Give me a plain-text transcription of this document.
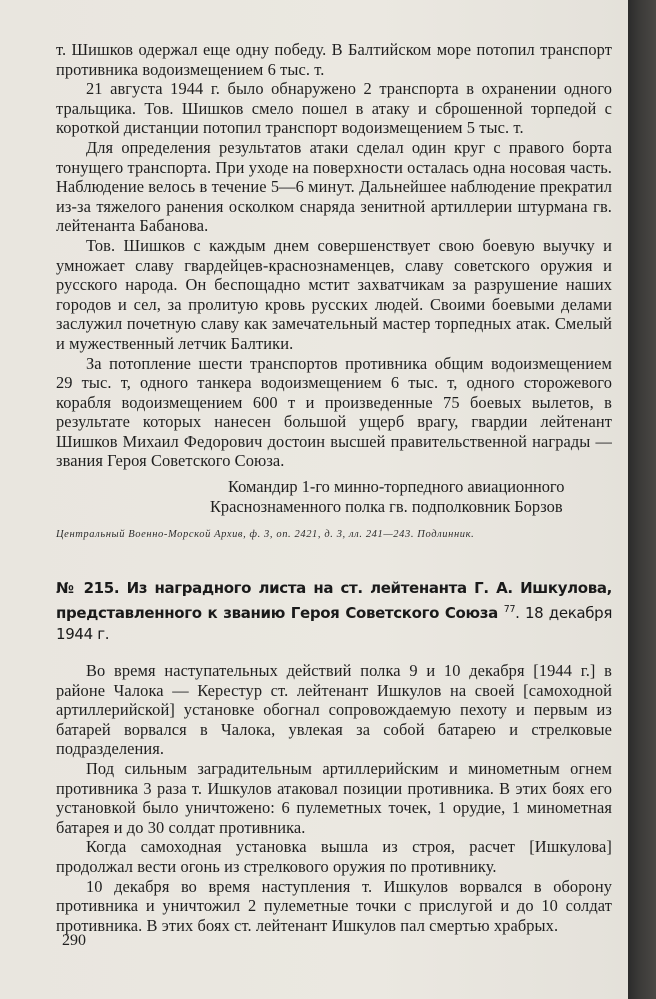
т. Шишков одержал еще одну победу. В Балтийском море потопил транспорт противника водоизмещением 6 тыс. т.

21 августа 1944 г. было обнаружено 2 транспорта в охранении одного тральщика. Тов. Шишков смело пошел в атаку и сброшенной торпедой с короткой дистанции потопил транспорт водоизмещением 5 тыс. т.

Для определения результатов атаки сделал один круг с правого борта тонущего транспорта. При уходе на поверхности осталась одна носовая часть. Наблюдение велось в течение 5—6 минут. Дальнейшее наблюдение прекратил из-за тяжелого ранения осколком снаряда зенитной артиллерии штурмана гв. лейтенанта Бабанова.

Тов. Шишков с каждым днем совершенствует свою боевую выучку и умножает славу гвардейцев-краснознаменцев, славу советского оружия и русского народа. Он беспощадно мстит захватчикам за разрушение наших городов и сел, за пролитую кровь русских людей. Своими боевыми делами заслужил почетную славу как замечательный мастер торпедных атак. Смелый и мужественный летчик Балтики.

За потопление шести транспортов противника общим водоизмещением 29 тыс. т, одного танкера водоизмещением 6 тыс. т, одного сторожевого корабля водоизмещением 600 т и произведенные 75 боевых вылетов, в результате которых нанесен большой ущерб врагу, гвардии лейтенант Шишков Михаил Федорович достоин высшей правительственной награды — звания Героя Советского Союза.

Командир 1-го минно-торпедного авиационного
Краснознаменного полка гв. подполковник Борзов

Центральный Военно-Морской Архив, ф. 3, оп. 2421, д. 3, лл. 241—243. Подлинник.

№ 215. Из наградного листа на ст. лейтенанта Г. А. Ишкулова, представленного к званию Героя Советского Союза $^{77}$. 18 декабря 1944 г.

Во время наступательных действий полка 9 и 10 декабря [1944 г.] в районе Чалока — Керестур ст. лейтенант Ишкулов на своей [самоходной артиллерийской] установке обогнал сопровождаемую пехоту и первым из батарей ворвался в Чалока, увлекая за собой батарею и стрелковые подразделения.

Под сильным заградительным артиллерийским и минометным огнем противника 3 раза т. Ишкулов атаковал позиции противника. В этих боях его установкой было уничтожено: 6 пулеметных точек, 1 орудие, 1 минометная батарея и до 30 солдат противника.

Когда самоходная установка вышла из строя, расчет [Ишкулова] продолжал вести огонь из стрелкового оружия по противнику.

10 декабря во время наступления т. Ишкулов ворвался в оборону противника и уничтожил 2 пулеметные точки с прислугой и до 10 солдат противника. В этих боях ст. лейтенант Ишкулов пал смертью храбрых.

290
